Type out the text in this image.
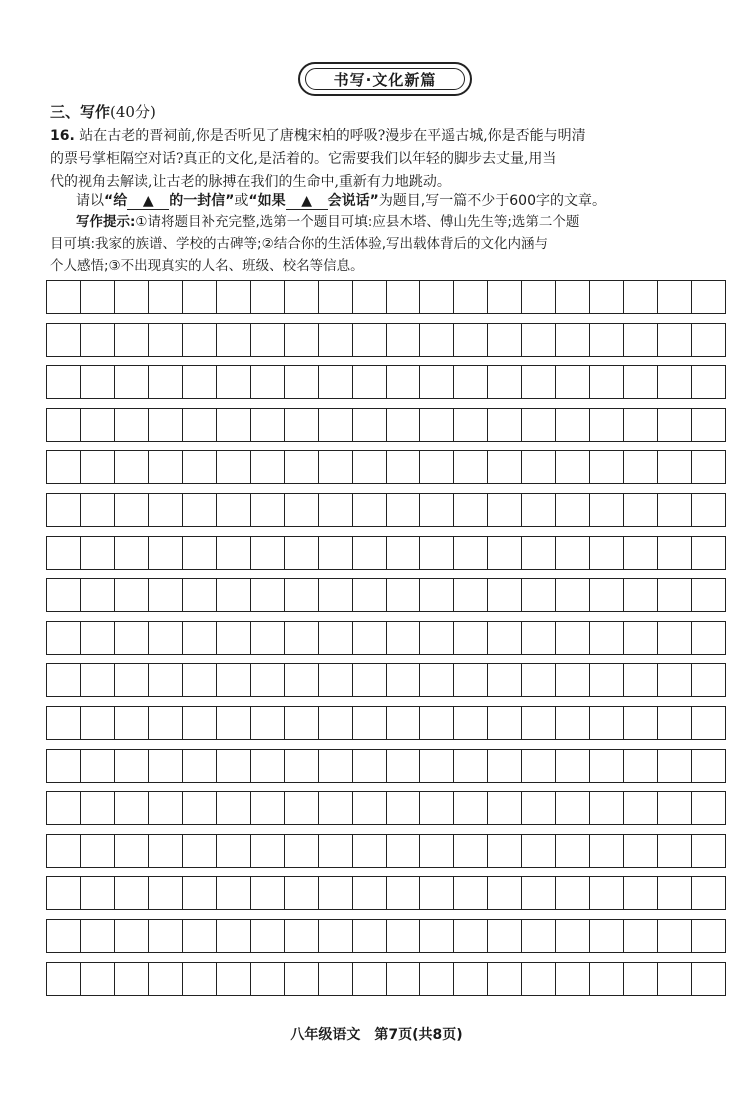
书写·文化新篇
三、写作(40分)
16. 站在古老的晋祠前,你是否听见了唐槐宋柏的呼吸?漫步在平遥古城,你是否能与明清
的票号掌柜隔空对话?真正的文化,是活着的。它需要我们以年轻的脚步去丈量,用当
代的视角去解读,让古老的脉搏在我们的生命中,重新有力地跳动。
请以“给 ▲ 的一封信”或“如果 ▲ 会说话”为题目,写一篇不少于600字的文章。
写作提示:①请将题目补充完整,选第一个题目可填:应县木塔、傅山先生等;选第二个题
目可填:我家的族谱、学校的古碑等;②结合你的生活体验,写出载体背后的文化内涵与
个人感悟;③不出现真实的人名、班级、校名等信息。
八年级语文　第7页(共8页)
